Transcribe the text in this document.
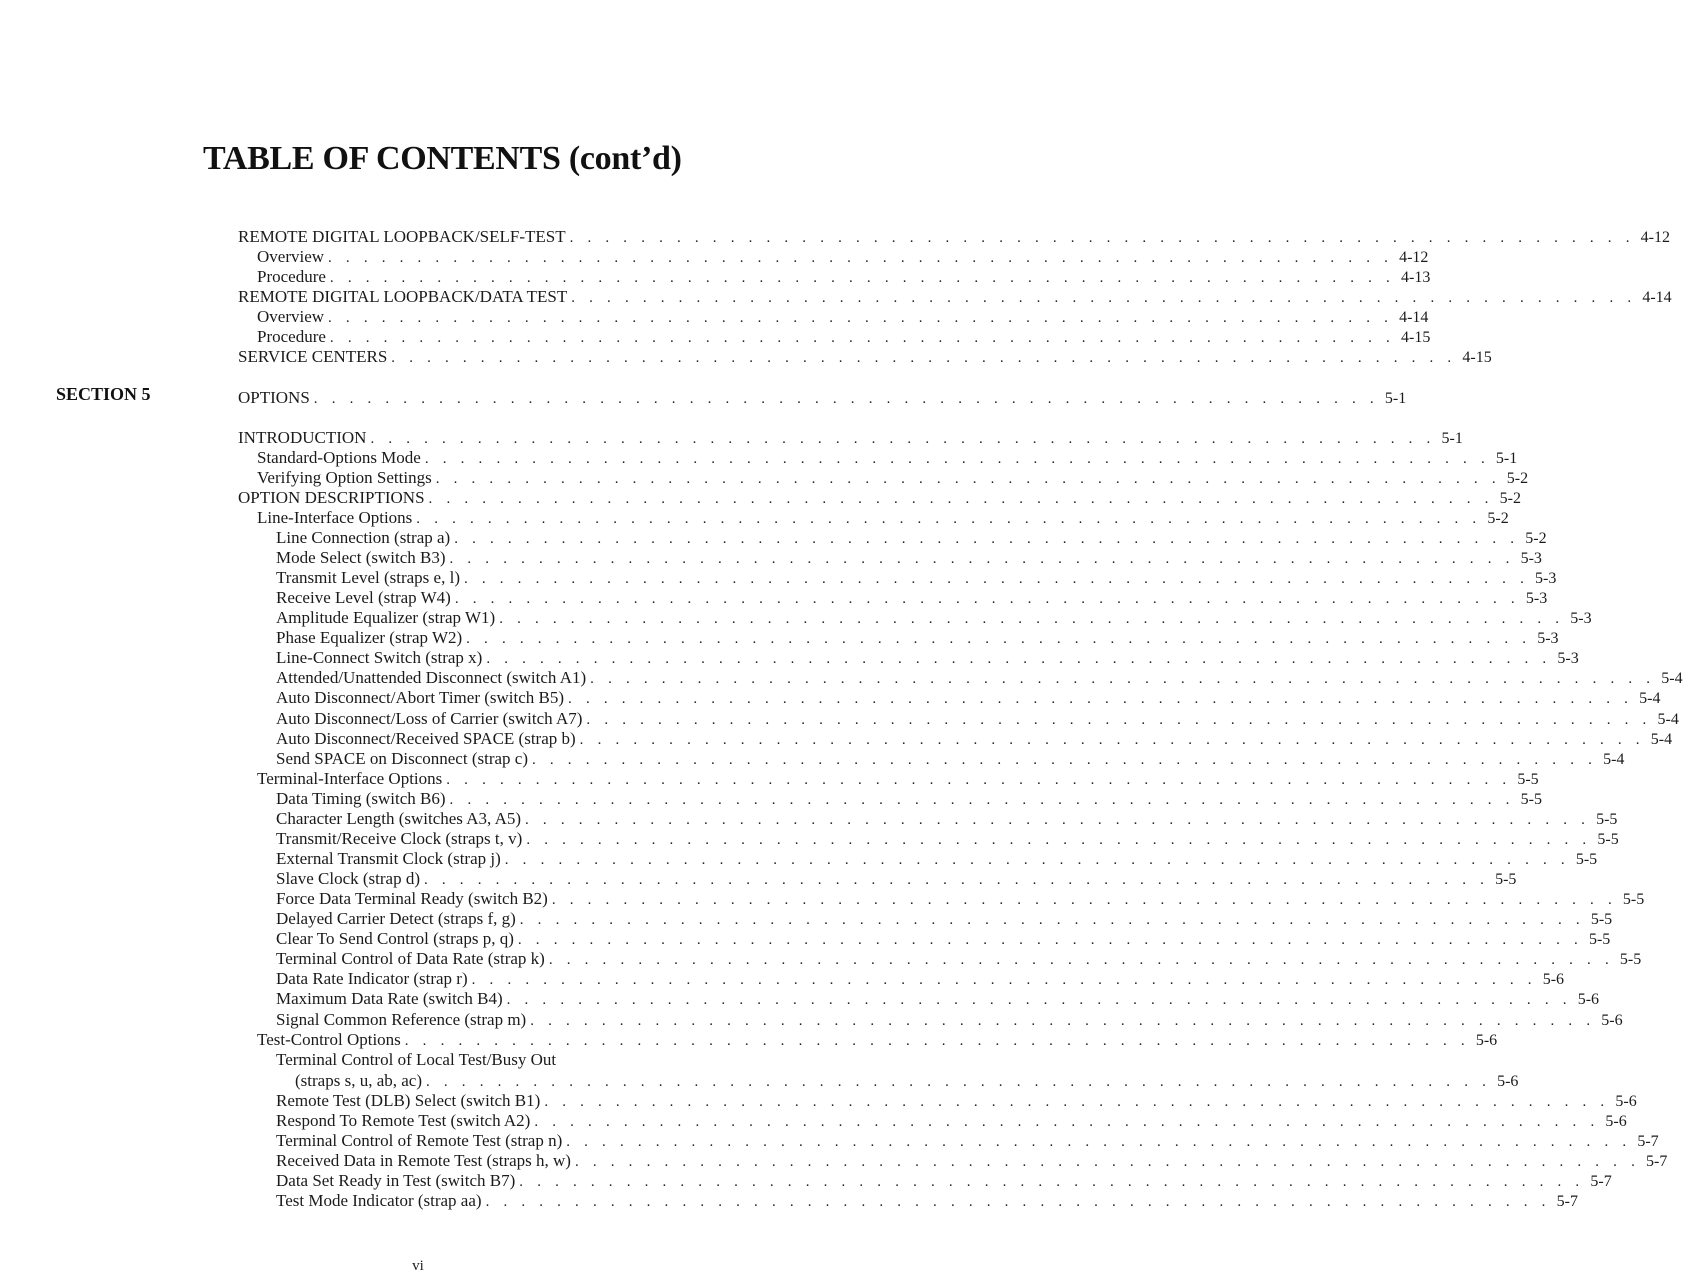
TABLE OF CONTENTS (cont’d)
SECTION 5
REMOTE DIGITAL LOOPBACK/SELF-TEST . . . . . . . . . . . . . . . . . . . . . . . . . . . . . . . . . . . . . . . . . . . . . . . . . . . . . . . . . . . . 4-12
Overview . . . . . . . . . . . . . . . . . . . . . . . . . . . . . . . . . . . . . . . . . . . . . . . . . . . . . . . . . . . . 4-12
Procedure . . . . . . . . . . . . . . . . . . . . . . . . . . . . . . . . . . . . . . . . . . . . . . . . . . . . . . . . . . . . 4-13
REMOTE DIGITAL LOOPBACK/DATA TEST . . . . . . . . . . . . . . . . . . . . . . . . . . . . . . . . . . . . . . . . . . . . . . . . . . . . . . . . . . . . 4-14
Overview . . . . . . . . . . . . . . . . . . . . . . . . . . . . . . . . . . . . . . . . . . . . . . . . . . . . . . . . . . . . 4-14
Procedure . . . . . . . . . . . . . . . . . . . . . . . . . . . . . . . . . . . . . . . . . . . . . . . . . . . . . . . . . . . . 4-15
SERVICE CENTERS . . . . . . . . . . . . . . . . . . . . . . . . . . . . . . . . . . . . . . . . . . . . . . . . . . . . . . . . . . . . 4-15
OPTIONS . . . . . . . . . . . . . . . . . . . . . . . . . . . . . . . . . . . . . . . . . . . . . . . . . . . . . . . . . . . . 5-1
INTRODUCTION . . . . . . . . . . . . . . . . . . . . . . . . . . . . . . . . . . . . . . . . . . . . . . . . . . . . . . . . . . . . 5-1
Standard-Options Mode . . . . . . . . . . . . . . . . . . . . . . . . . . . . . . . . . . . . . . . . . . . . . . . . . . . . . . . . . . . . 5-1
Verifying Option Settings . . . . . . . . . . . . . . . . . . . . . . . . . . . . . . . . . . . . . . . . . . . . . . . . . . . . . . . . . . . . 5-2
OPTION DESCRIPTIONS . . . . . . . . . . . . . . . . . . . . . . . . . . . . . . . . . . . . . . . . . . . . . . . . . . . . . . . . . . . . 5-2
Line-Interface Options . . . . . . . . . . . . . . . . . . . . . . . . . . . . . . . . . . . . . . . . . . . . . . . . . . . . . . . . . . . . 5-2
Line Connection (strap a) . . . . . . . . . . . . . . . . . . . . . . . . . . . . . . . . . . . . . . . . . . . . . . . . . . . . . . . . . . . . 5-2
Mode Select (switch B3) . . . . . . . . . . . . . . . . . . . . . . . . . . . . . . . . . . . . . . . . . . . . . . . . . . . . . . . . . . . . 5-3
Transmit Level (straps e, l) . . . . . . . . . . . . . . . . . . . . . . . . . . . . . . . . . . . . . . . . . . . . . . . . . . . . . . . . . . . . 5-3
Receive Level (strap W4) . . . . . . . . . . . . . . . . . . . . . . . . . . . . . . . . . . . . . . . . . . . . . . . . . . . . . . . . . . . . 5-3
Amplitude Equalizer (strap W1) . . . . . . . . . . . . . . . . . . . . . . . . . . . . . . . . . . . . . . . . . . . . . . . . . . . . . . . . . . . . 5-3
Phase Equalizer (strap W2) . . . . . . . . . . . . . . . . . . . . . . . . . . . . . . . . . . . . . . . . . . . . . . . . . . . . . . . . . . . . 5-3
Line-Connect Switch (strap x) . . . . . . . . . . . . . . . . . . . . . . . . . . . . . . . . . . . . . . . . . . . . . . . . . . . . . . . . . . . . 5-3
Attended/Unattended Disconnect (switch A1) . . . . . . . . . . . . . . . . . . . . . . . . . . . . . . . . . . . . . . . . . . . . . . . . . . . . . . . . . . . . 5-4
Auto Disconnect/Abort Timer (switch B5) . . . . . . . . . . . . . . . . . . . . . . . . . . . . . . . . . . . . . . . . . . . . . . . . . . . . . . . . . . . . 5-4
Auto Disconnect/Loss of Carrier (switch A7) . . . . . . . . . . . . . . . . . . . . . . . . . . . . . . . . . . . . . . . . . . . . . . . . . . . . . . . . . . . . 5-4
Auto Disconnect/Received SPACE (strap b) . . . . . . . . . . . . . . . . . . . . . . . . . . . . . . . . . . . . . . . . . . . . . . . . . . . . . . . . . . . . 5-4
Send SPACE on Disconnect (strap c) . . . . . . . . . . . . . . . . . . . . . . . . . . . . . . . . . . . . . . . . . . . . . . . . . . . . . . . . . . . . 5-4
Terminal-Interface Options . . . . . . . . . . . . . . . . . . . . . . . . . . . . . . . . . . . . . . . . . . . . . . . . . . . . . . . . . . . . 5-5
Data Timing (switch B6) . . . . . . . . . . . . . . . . . . . . . . . . . . . . . . . . . . . . . . . . . . . . . . . . . . . . . . . . . . . . 5-5
Character Length (switches A3, A5) . . . . . . . . . . . . . . . . . . . . . . . . . . . . . . . . . . . . . . . . . . . . . . . . . . . . . . . . . . . . 5-5
Transmit/Receive Clock (straps t, v) . . . . . . . . . . . . . . . . . . . . . . . . . . . . . . . . . . . . . . . . . . . . . . . . . . . . . . . . . . . . 5-5
External Transmit Clock (strap j) . . . . . . . . . . . . . . . . . . . . . . . . . . . . . . . . . . . . . . . . . . . . . . . . . . . . . . . . . . . . 5-5
Slave Clock (strap d) . . . . . . . . . . . . . . . . . . . . . . . . . . . . . . . . . . . . . . . . . . . . . . . . . . . . . . . . . . . . 5-5
Force Data Terminal Ready (switch B2) . . . . . . . . . . . . . . . . . . . . . . . . . . . . . . . . . . . . . . . . . . . . . . . . . . . . . . . . . . . . 5-5
Delayed Carrier Detect (straps f, g) . . . . . . . . . . . . . . . . . . . . . . . . . . . . . . . . . . . . . . . . . . . . . . . . . . . . . . . . . . . . 5-5
Clear To Send Control (straps p, q) . . . . . . . . . . . . . . . . . . . . . . . . . . . . . . . . . . . . . . . . . . . . . . . . . . . . . . . . . . . . 5-5
Terminal Control of Data Rate (strap k) . . . . . . . . . . . . . . . . . . . . . . . . . . . . . . . . . . . . . . . . . . . . . . . . . . . . . . . . . . . . 5-5
Data Rate Indicator (strap r) . . . . . . . . . . . . . . . . . . . . . . . . . . . . . . . . . . . . . . . . . . . . . . . . . . . . . . . . . . . . 5-6
Maximum Data Rate (switch B4) . . . . . . . . . . . . . . . . . . . . . . . . . . . . . . . . . . . . . . . . . . . . . . . . . . . . . . . . . . . . 5-6
Signal Common Reference (strap m) . . . . . . . . . . . . . . . . . . . . . . . . . . . . . . . . . . . . . . . . . . . . . . . . . . . . . . . . . . . . 5-6
Test-Control Options . . . . . . . . . . . . . . . . . . . . . . . . . . . . . . . . . . . . . . . . . . . . . . . . . . . . . . . . . . . . 5-6
Terminal Control of Local Test/Busy Out
(straps s, u, ab, ac) . . . . . . . . . . . . . . . . . . . . . . . . . . . . . . . . . . . . . . . . . . . . . . . . . . . . . . . . . . . . 5-6
Remote Test (DLB) Select (switch B1) . . . . . . . . . . . . . . . . . . . . . . . . . . . . . . . . . . . . . . . . . . . . . . . . . . . . . . . . . . . . 5-6
Respond To Remote Test (switch A2) . . . . . . . . . . . . . . . . . . . . . . . . . . . . . . . . . . . . . . . . . . . . . . . . . . . . . . . . . . . . 5-6
Terminal Control of Remote Test (strap n) . . . . . . . . . . . . . . . . . . . . . . . . . . . . . . . . . . . . . . . . . . . . . . . . . . . . . . . . . . . . 5-7
Received Data in Remote Test (straps h, w) . . . . . . . . . . . . . . . . . . . . . . . . . . . . . . . . . . . . . . . . . . . . . . . . . . . . . . . . . . . . 5-7
Data Set Ready in Test (switch B7) . . . . . . . . . . . . . . . . . . . . . . . . . . . . . . . . . . . . . . . . . . . . . . . . . . . . . . . . . . . . 5-7
Test Mode Indicator (strap aa) . . . . . . . . . . . . . . . . . . . . . . . . . . . . . . . . . . . . . . . . . . . . . . . . . . . . . . . . . . . . 5-7
vi
